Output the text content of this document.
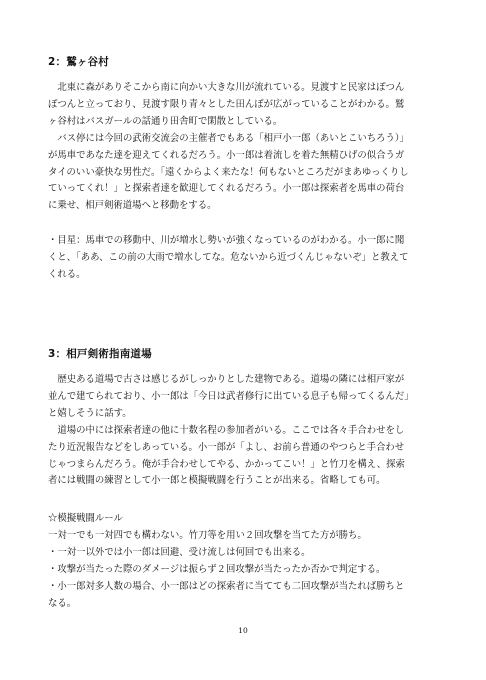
2：鷲ヶ谷村
　北東に森がありそこから南に向かい大きな川が流れている。見渡すと民家はぽつん
ぽつんと立っており、見渡す限り青々とした田んぼが広がっていることがわかる。鷲
ヶ谷村はバスガールの話通り田舎町で閑散としている。
　バス停には今回の武術交流会の主催者でもある「相戸小一郎（あいとこいちろう）」
が馬車であなた達を迎えてくれるだろう。小一郎は着流しを着た無精ひげの似合うガ
タイのいい豪快な男性だ。「遠くからよく来たな！何もないところだがまあゆっくりし
ていってくれ！」と探索者達を歓迎してくれるだろう。小一郎は探索者を馬車の荷台
に乗せ、相戸剣術道場へと移動をする。
・目星：馬車での移動中、川が増水し勢いが強くなっているのがわかる。小一郎に聞
くと、「ああ、この前の大雨で増水してな。危ないから近づくんじゃないぞ」と教えて
くれる。
3：相戸剣術指南道場
　歴史ある道場で古さは感じるがしっかりとした建物である。道場の隣には相戸家が
並んで建てられており、小一郎は「今日は武者修行に出ている息子も帰ってくるんだ」
と嬉しそうに話す。
　道場の中には探索者達の他に十数名程の参加者がいる。ここでは各々手合わせをし
たり近況報告などをしあっている。小一郎が「よし、お前ら普通のやつらと手合わせ
じゃつまらんだろう。俺が手合わせしてやる、かかってこい！」と竹刀を構え、探索
者には戦闘の練習として小一郎と模擬戦闘を行うことが出来る。省略しても可。
☆模擬戦闘ルール
一対一でも一対四でも構わない。竹刀等を用い２回攻撃を当てた方が勝ち。
・一対一以外では小一郎は回避、受け流しは何回でも出来る。
・攻撃が当たった際のダメージは振らず２回攻撃が当たったか否かで判定する。
・小一郎対多人数の場合、小一郎はどの探索者に当てても二回攻撃が当たれば勝ちと
なる。
10
